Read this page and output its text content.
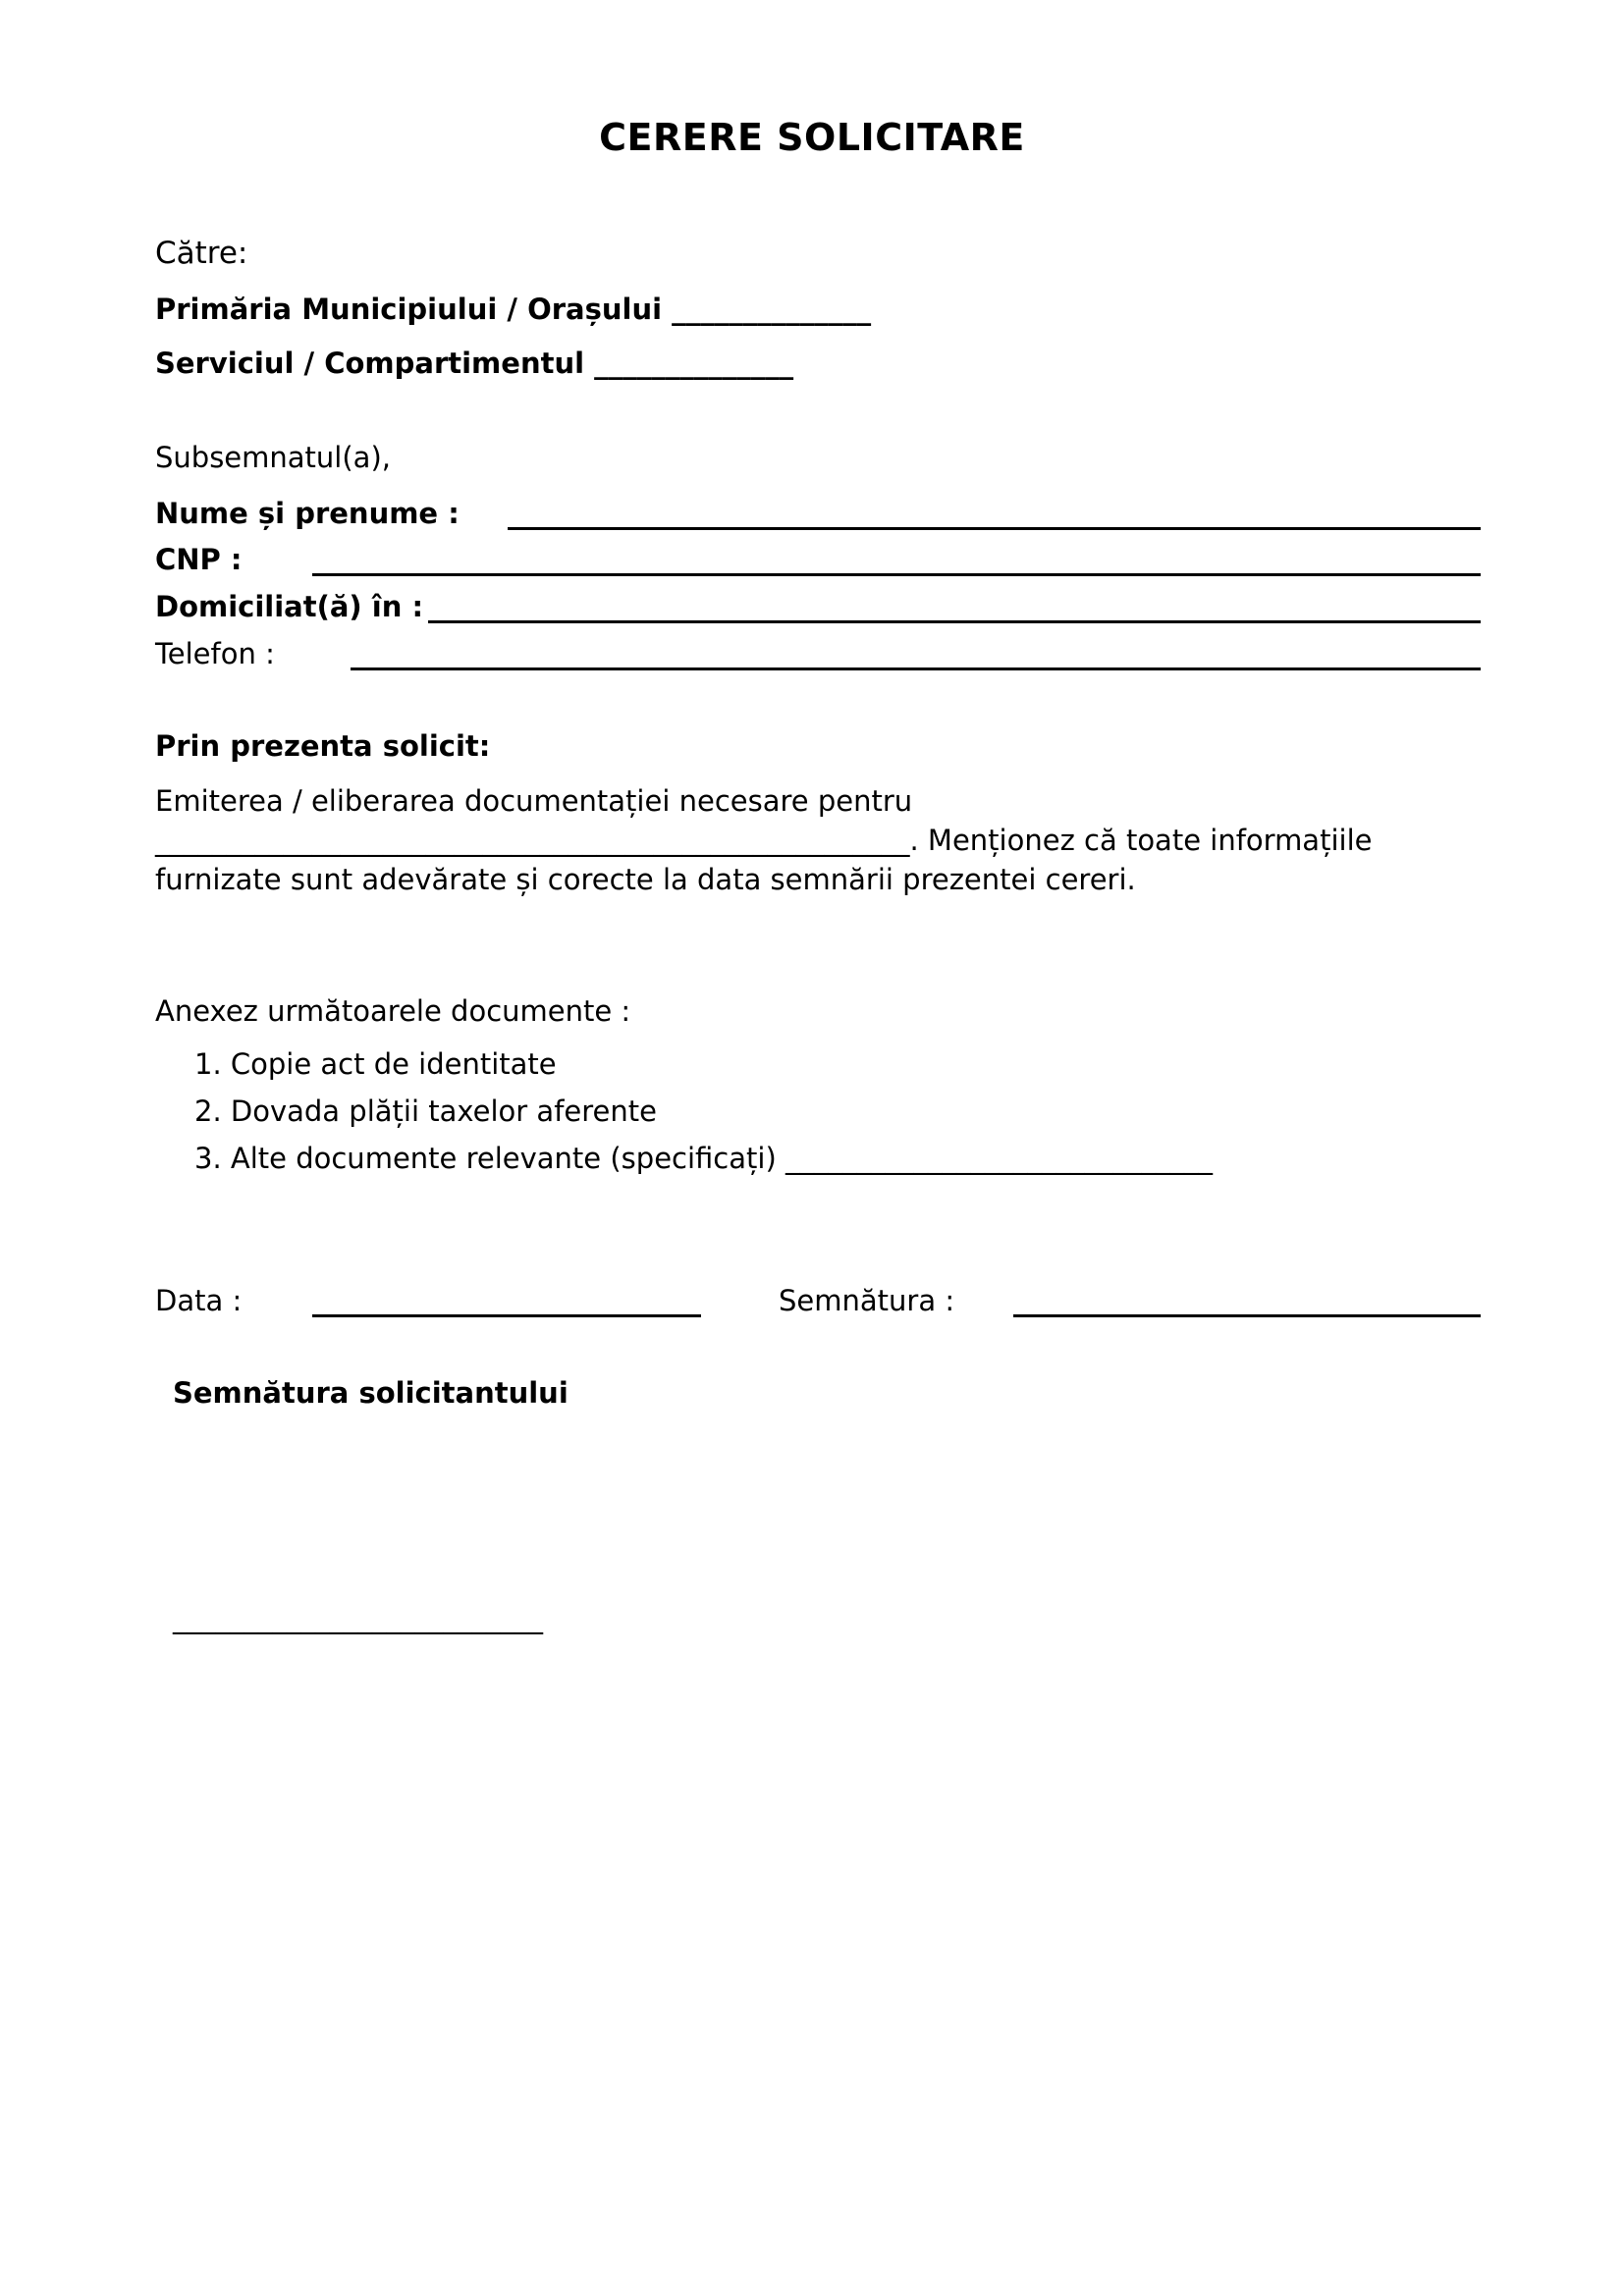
CERERE SOLICITARE
Către:
Primăria Municipiului / Orașului ______________
Serviciul / Compartimentul ______________
Subsemnatul(a),
Nume și prenume :
CNP :
Domiciliat(ă) în :
Telefon :
Prin prezenta solicit:
Emiterea / eliberarea documentației necesare pentru
_____________________________________________________. Menționez că toate informațiile
furnizate sunt adevărate și corecte la data semnării prezentei cereri.
Anexez următoarele documente :
1. Copie act de identitate
2. Dovada plății taxelor aferente
3. Alte documente relevante (specificați) ______________________________
Data :	Semnătura :
Semnătura solicitantului
__________________________
